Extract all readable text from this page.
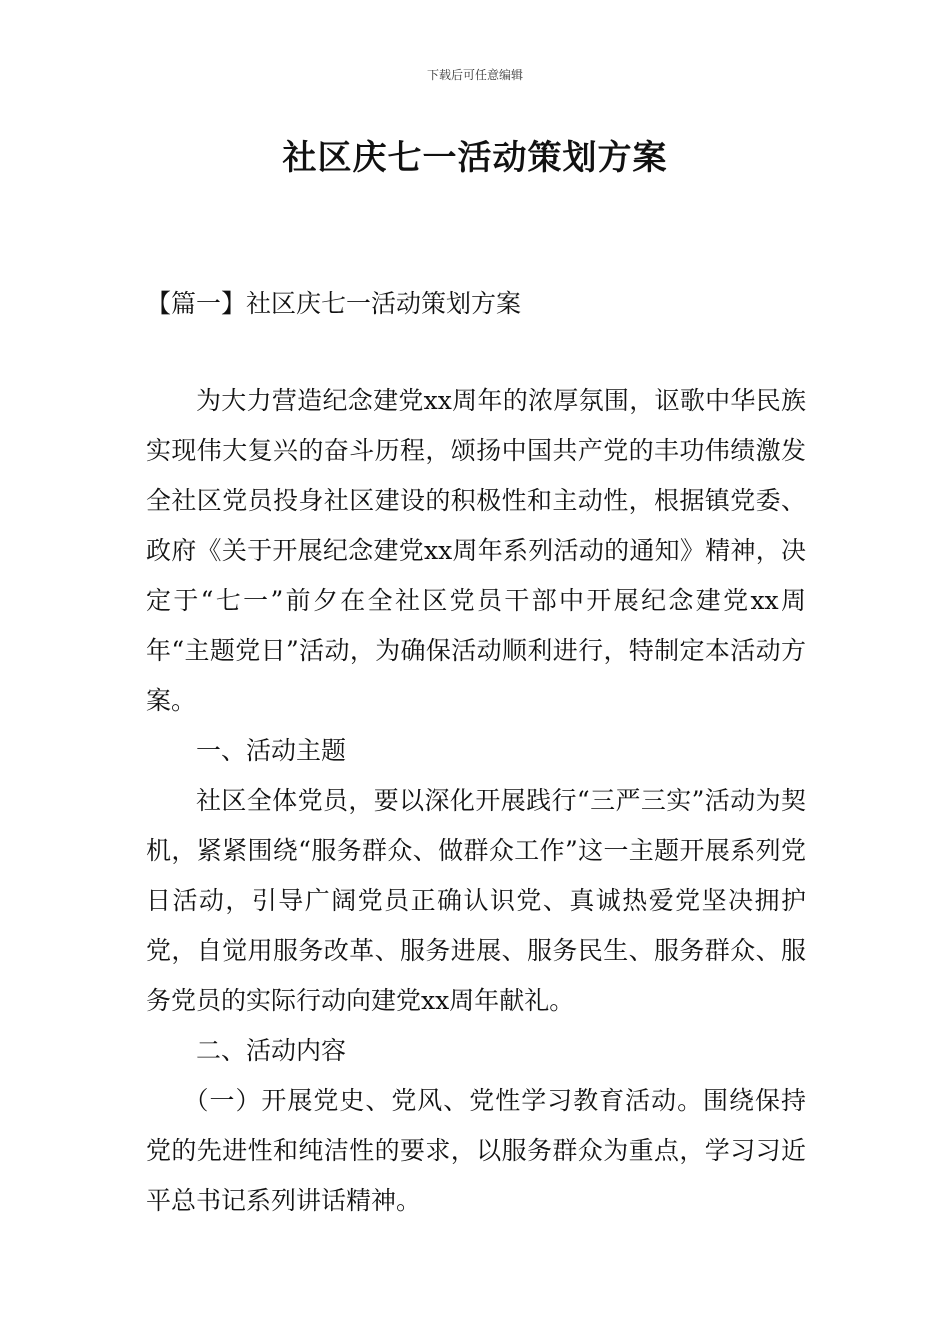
下载后可任意编辑
社区庆七一活动策划方案
【篇一】社区庆七一活动策划方案

为大力营造纪念建党xx周年的浓厚氛围，讴歌中华民族实现伟大复兴的奋斗历程，颂扬中国共产党的丰功伟绩激发全社区党员投身社区建设的积极性和主动性，根据镇党委、政府《关于开展纪念建党xx周年系列活动的通知》精神，决定于“七一”前夕在全社区党员干部中开展纪念建党xx周年“主题党日”活动，为确保活动顺利进行，特制定本活动方案。

一、活动主题

社区全体党员，要以深化开展践行“三严三实”活动为契机，紧紧围绕“服务群众、做群众工作”这一主题开展系列党日活动，引导广阔党员正确认识党、真诚热爱党坚决拥护党，自觉用服务改革、服务进展、服务民生、服务群众、服务党员的实际行动向建党xx周年献礼。

二、活动内容

（一）开展党史、党风、党性学习教育活动。围绕保持党的先进性和纯洁性的要求，以服务群众为重点，学习习近平总书记系列讲话精神。
